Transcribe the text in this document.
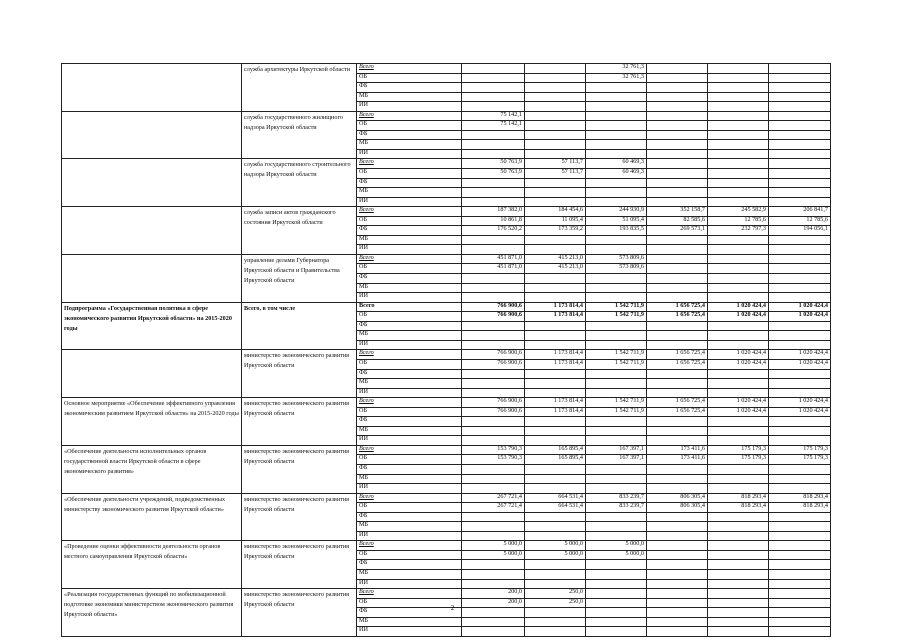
	служба архитектуры Иркутской области	Всего			32 761,3			
		ОБ			32 761,3			
		ФБ						
		МБ						
		ИИ						
	служба государственного жилищного надзора Иркутской области	Всего	75 142,1					
		ОБ	75 142,1					
		ФБ						
		МБ						
		ИИ						
	служба государственного строительного надзора Иркутской области	Всего	50 763,9	57 113,7	60 469,3			
		ОБ	50 763,9	57 113,7	60 469,3			
		ФБ						
		МБ						
		ИИ						
	служба записи актов гражданского состояния Иркутской области	Всего	187 382,0	184 454,6	244 930,9	352 158,7	245 582,9	206 841,7
		ОБ	10 861,8	11 095,4	51 095,4	82 585,6	12 785,6	12 785,6
		ФБ	176 520,2	173 359,2	193 835,5	269 573,1	232 797,3	194 056,1
		МБ						
		ИИ						
	управление делами Губернатора Иркутской области и Правительства Иркутской области	Всего	451 871,0	415 213,0	573 809,6			
		ОБ	451 871,0	415 213,0	573 809,6			
		ФБ						
		МБ						
		ИИ						
Подпрограмма «Государственная политика в сфере экономического развития Иркутской области» на 2015-2020 годы	Всего, в том числе	Всего	766 900,6	1 173 814,4	1 542 711,9	1 656 725,4	1 020 424,4	1 020 424,4
		ОБ	766 900,6	1 173 814,4	1 542 711,9	1 656 725,4	1 020 424,4	1 020 424,4
		ФБ						
		МБ						
		ИИ						
	министерство экономического развития Иркутской области	Всего	766 900,6	1 173 814,4	1 542 711,9	1 656 725,4	1 020 424,4	1 020 424,4
		ОБ	766 900,6	1 173 814,4	1 542 711,9	1 656 725,4	1 020 424,4	1 020 424,4
		ФБ						
		МБ						
		ИИ						
Основное мероприятие «Обеспечение эффективного управления экономическим развитием Иркутской области» на 2015-2020 годы	министерство экономического развития Иркутской области	Всего	766 900,6	1 173 814,4	1 542 711,9	1 656 725,4	1 020 424,4	1 020 424,4
		ОБ	766 900,6	1 173 814,4	1 542 711,9	1 656 725,4	1 020 424,4	1 020 424,4
		ФБ						
		МБ						
		ИИ						
«Обеспечение деятельности исполнительных органов государственной власти Иркутской области в сфере экономического развития»	министерство экономического развития Иркутской области	Всего	153 790,3	165 895,4	167 397,1	173 411,6	175 179,3	175 179,3
		ОБ	153 790,3	165 895,4	167 397,1	173 411,6	175 179,3	175 179,3
		ФБ						
		МБ						
		ИИ						
«Обеспечение деятельности учреждений, подведомственных министерству экономического развития Иркутской области»	министерство экономического развития Иркутской области	Всего	267 721,4	664 531,4	833 239,7	806 305,4	818 293,4	818 293,4
		ОБ	267 721,4	664 531,4	833 239,7	806 305,4	818 293,4	818 293,4
		ФБ						
		МБ						
		ИИ						
«Проведение оценки эффективности деятельности органов местного самоуправления Иркутской области»	министерство экономического развития Иркутской области	Всего	5 000,0	5 000,0	5 000,0			
		ОБ	5 000,0	5 000,0	5 000,0			
		ФБ						
		МБ						
		ИИ						
«Реализация государственных функций по мобилизационной подготовке экономики министерством экономического развития Иркутской области»	министерство экономического развития Иркутской области	Всего	200,0	250,0				
		ОБ	200,0	250,0				
		ФБ						
		МБ						
		ИИ						
2
